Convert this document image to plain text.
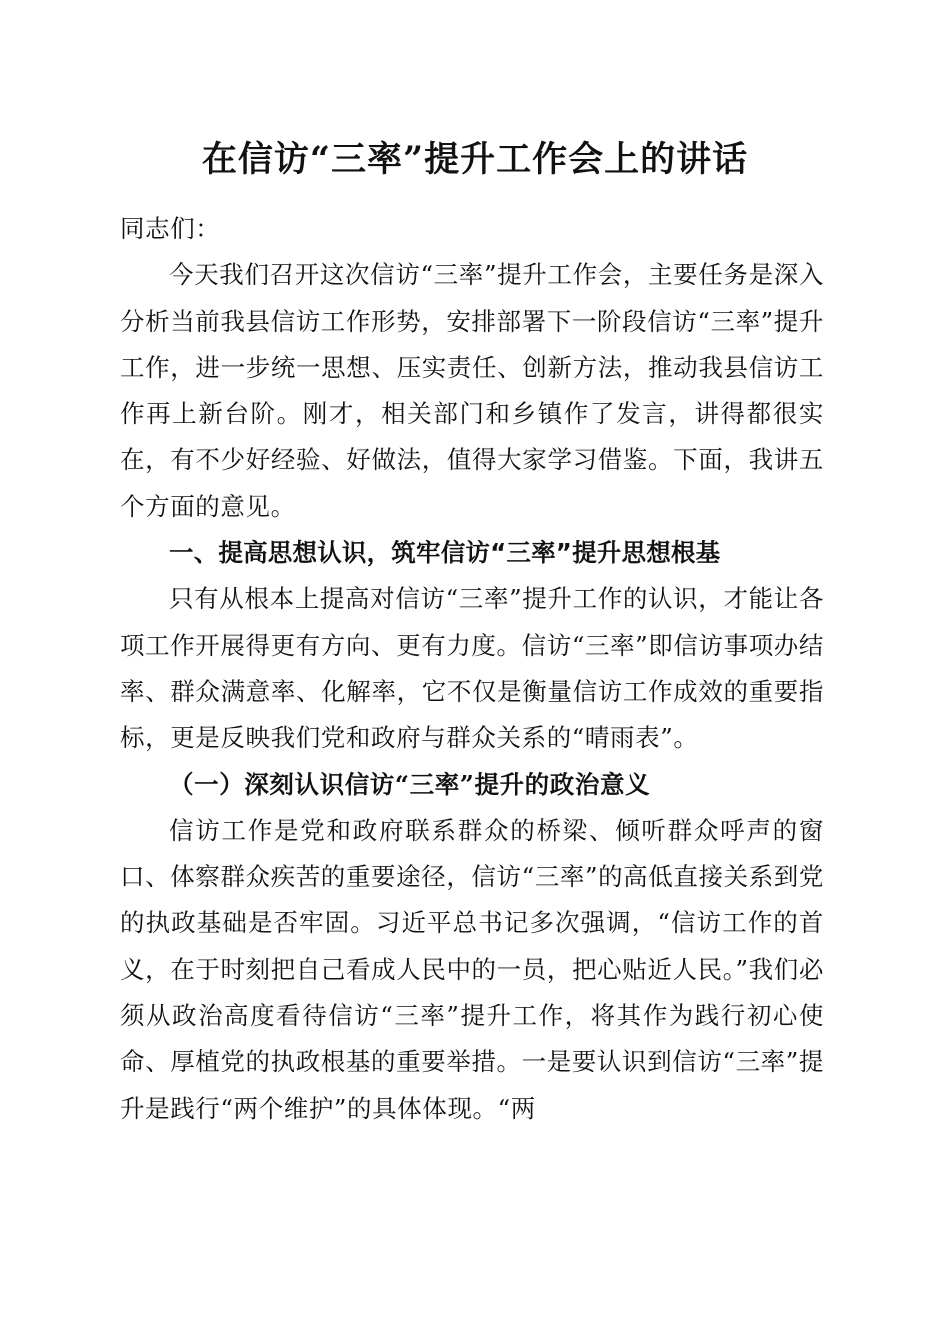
在信访“三率”提升工作会上的讲话

同志们：

今天我们召开这次信访“三率”提升工作会，主要任务是深入分析当前我县信访工作形势，安排部署下一阶段信访“三率”提升工作，进一步统一思想、压实责任、创新方法，推动我县信访工作再上新台阶。刚才，相关部门和乡镇作了发言，讲得都很实在，有不少好经验、好做法，值得大家学习借鉴。下面，我讲五个方面的意见。

一、提高思想认识，筑牢信访“三率”提升思想根基

只有从根本上提高对信访“三率”提升工作的认识，才能让各项工作开展得更有方向、更有力度。信访“三率”即信访事项办结率、群众满意率、化解率，它不仅是衡量信访工作成效的重要指标，更是反映我们党和政府与群众关系的“晴雨表”。

（一）深刻认识信访“三率”提升的政治意义

信访工作是党和政府联系群众的桥梁、倾听群众呼声的窗口、体察群众疾苦的重要途径，信访“三率”的高低直接关系到党的执政基础是否牢固。习近平总书记多次强调，“信访工作的首义，在于时刻把自己看成人民中的一员，把心贴近人民。”我们必须从政治高度看待信访“三率”提升工作，将其作为践行初心使命、厚植党的执政根基的重要举措。一是要认识到信访“三率”提升是践行“两个维护”的具体体现。“两
